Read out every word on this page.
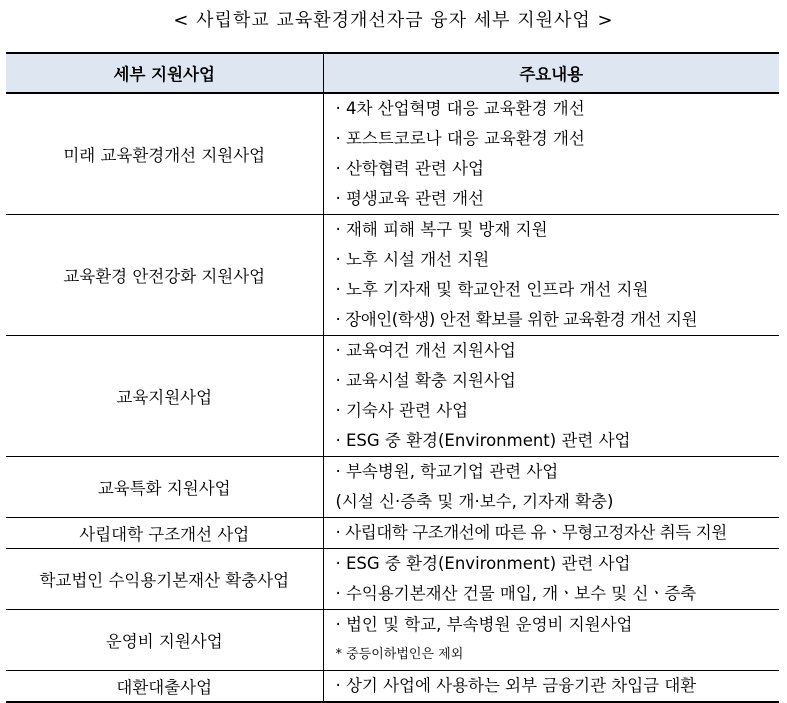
< 사립학교 교육환경개선자금 융자 세부 지원사업 >
세부 지원사업	주요내용
미래 교육환경개선 지원사업	· 4차 산업혁명 대응 교육환경 개선
· 포스트코로나 대응 교육환경 개선
· 산학협력 관련 사업
· 평생교육 관련 개선

교육환경 안전강화 지원사업	· 재해 피해 복구 및 방재 지원
· 노후 시설 개선 지원
· 노후 기자재 및 학교안전 인프라 개선 지원
· 장애인(학생) 안전 확보를 위한 교육환경 개선 지원

교육지원사업	· 교육여건 개선 지원사업
· 교육시설 확충 지원사업
· 기숙사 관련 사업
· ESG 중 환경(Environment) 관련 사업

교육특화 지원사업	· 부속병원, 학교기업 관련 사업
(시설 신·증축 및 개·보수, 기자재 확충)

사립대학 구조개선 사업	· 사립대학 구조개선에 따른 유ㆍ무형고정자산 취득 지원

학교법인 수익용기본재산 확충사업	· ESG 중 환경(Environment) 관련 사업
· 수익용기본재산 건물 매입, 개ㆍ보수 및 신ㆍ증축

운영비 지원사업	· 법인 및 학교, 부속병원 운영비 지원사업
* 중등이하법인은 제외

대환대출사업	· 상기 사업에 사용하는 외부 금융기관 차입금 대환
